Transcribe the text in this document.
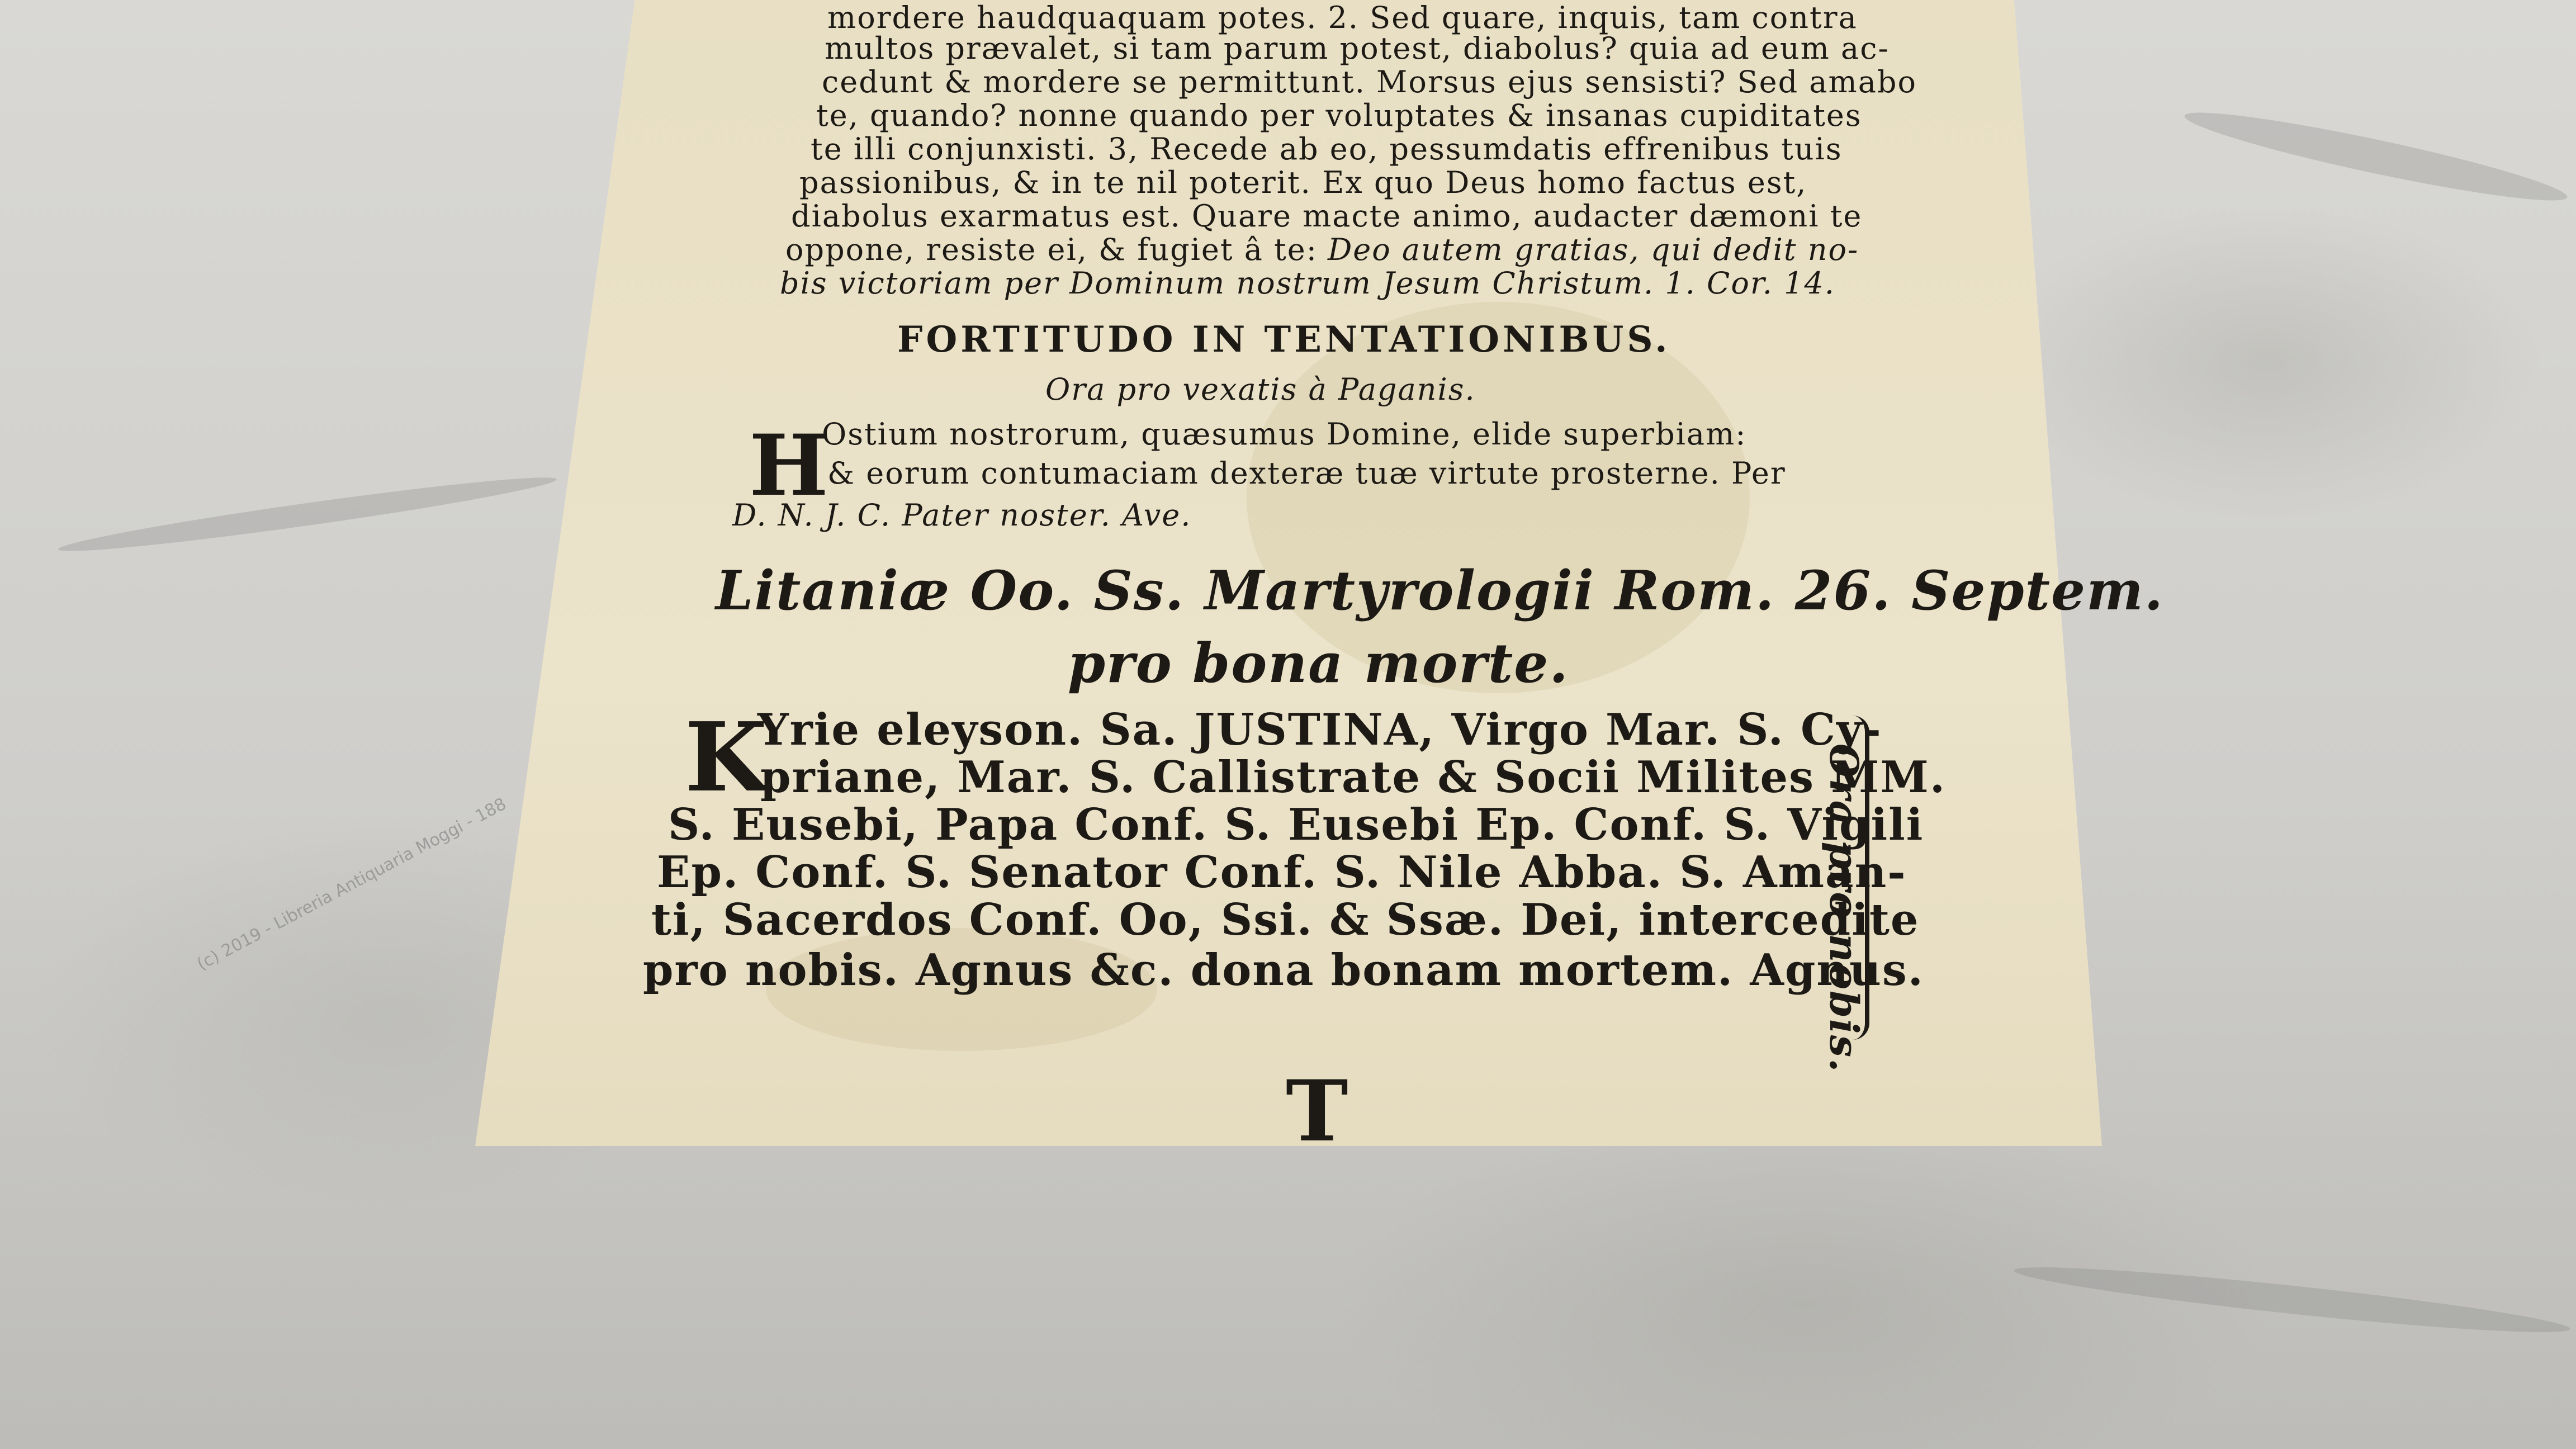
(c) 2019 - Libreria Antiquaria Moggi - 188
mordere haudquaquam potes. 2. Sed quare, inquis, tam contra
multos prævalet, si tam parum potest, diabolus? quia ad eum ac-
cedunt & mordere se permittunt. Morsus ejus sensisti? Sed amabo
te, quando? nonne quando per voluptates & insanas cupiditates
te illi conjunxisti. 3, Recede ab eo, pessumdatis effrenibus tuis
passionibus, & in te nil poterit. Ex quo Deus homo factus est,
diabolus exarmatus est. Quare macte animo, audacter dæmoni te
oppone, resiste ei, & fugiet â te: Deo autem gratias, qui dedit no-
bis victoriam per Dominum nostrum Jesum Christum. 1. Cor. 14.
FORTITUDO IN TENTATIONIBUS.
Ora pro vexatis à Paganis.
H
Ostium nostrorum, quæsumus Domine, elide superbiam:
& eorum contumaciam dexteræ tuæ virtute prosterne. Per
D. N. J. C. Pater noster. Ave.
Litaniæ Oo. Ss. Martyrologii Rom. 26. Septem.
pro bona morte.
K
Yrie eleyson. Sa. JUSTINA, Virgo Mar. S. Cy-
priane, Mar. S. Callistrate & Socii Milites MM.
S. Eusebi, Papa Conf. S. Eusebi Ep. Conf. S. Vigili
Ep. Conf. S. Senator Conf. S. Nile Abba. S. Aman-
ti, Sacerdos Conf. Oo, Ssi. & Ssæ. Dei, intercedite
pro nobis. Agnus &c. dona bonam mortem. Agnus.
Ora pro nobis.
T
